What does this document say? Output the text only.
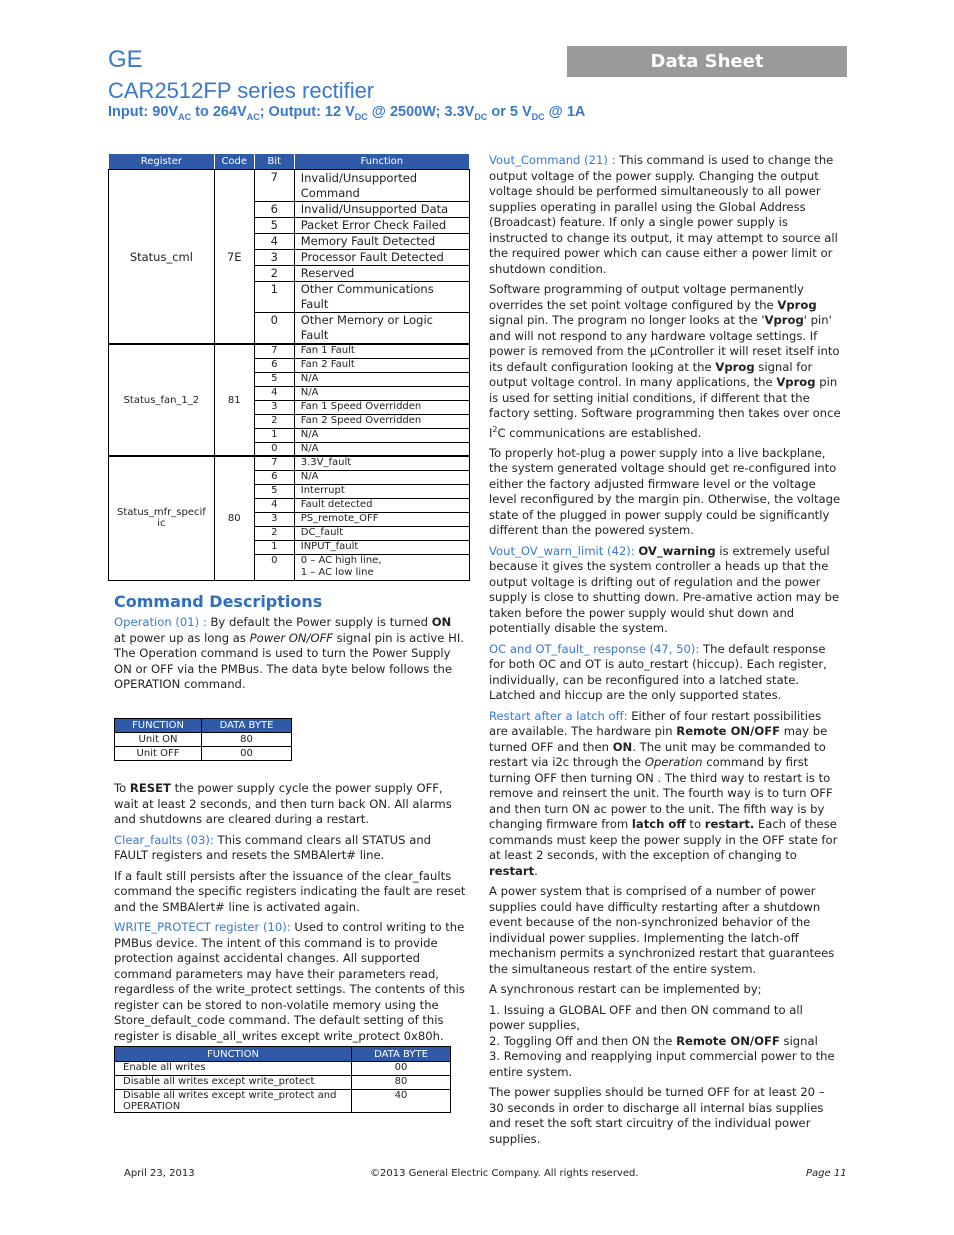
GE	Data Sheet
CAR2512FP series rectifier
Input: $90V_{AC}$ to $264V_{AC}$; Output: 12 $V_{DC}$ @ 2500W; $3.3V_{DC}$ or 5 $V_{DC}$ @ 1A
Register	Code	Bit	Function
Status_cml	7E	7	Invalid/Unsupported Command
		6	Invalid/Unsupported Data
		5	Packet Error Check Failed
		4	Memory Fault Detected
		3	Processor Fault Detected
		2	Reserved
		1	Other Communications Fault
		0	Other Memory or Logic Fault
Status_fan_1_2	81	7	Fan 1 Fault
		6	Fan 2 Fault
		5	N/A
		4	N/A
		3	Fan 1 Speed Overridden
		2	Fan 2 Speed Overridden
		1	N/A
		0	N/A
Status_mfr_specif ic	80	7	3.3V_fault
		6	N/A
		5	Interrupt
		4	Fault detected
		3	PS_remote_OFF
		2	DC_fault
		1	INPUT_fault
		0	0 – AC high line,
1 – AC low line
Command Descriptions

Operation (01) : By default the Power supply is turned ON at power up as long as Power ON/OFF signal pin is active HI. The Operation command is used to turn the Power Supply ON or OFF via the PMBus. The data byte below follows the OPERATION command.

FUNCTION	DATA BYTE
Unit ON	80
Unit OFF	00

To RESET the power supply cycle the power supply OFF, wait at least 2 seconds, and then turn back ON. All alarms and shutdowns are cleared during a restart.

Clear_faults (03): This command clears all STATUS and FAULT registers and resets the SMBAlert# line.

If a fault still persists after the issuance of the clear_faults command the specific registers indicating the fault are reset and the SMBAlert# line is activated again.

WRITE_PROTECT register (10): Used to control writing to the PMBus device. The intent of this command is to provide protection against accidental changes. All supported command parameters may have their parameters read, regardless of the write_protect settings. The contents of this register can be stored to non-volatile memory using the Store_default_code command. The default setting of this register is disable_all_writes except write_protect 0x80h.

FUNCTION	DATA BYTE
Enable all writes	00
Disable all writes except write_protect	80
Disable all writes except write_protect and OPERATION	40

Vout_Command (21) : This command is used to change the output voltage of the power supply. Changing the output voltage should be performed simultaneously to all power supplies operating in parallel using the Global Address (Broadcast) feature. If only a single power supply is instructed to change its output, it may attempt to source all the required power which can cause either a power limit or shutdown condition.

Software programming of output voltage permanently overrides the set point voltage configured by the Vprog signal pin. The program no longer looks at the 'Vprog' pin' and will not respond to any hardware voltage settings. If power is removed from the µController it will reset itself into its default configuration looking at the Vprog signal for output voltage control. In many applications, the Vprog pin is used for setting initial conditions, if different that the factory setting. Software programming then takes over once $I^2C$ communications are established.

To properly hot-plug a power supply into a live backplane, the system generated voltage should get re-configured into either the factory adjusted firmware level or the voltage level reconfigured by the margin pin. Otherwise, the voltage state of the plugged in power supply could be significantly different than the powered system.

Vout_OV_warn_limit (42): OV_warning is extremely useful because it gives the system controller a heads up that the output voltage is drifting out of regulation and the power supply is close to shutting down. Pre-amative action may be taken before the power supply would shut down and potentially disable the system.

OC and OT_fault_ response (47, 50): The default response for both OC and OT is auto_restart (hiccup). Each register, individually, can be reconfigured into a latched state. Latched and hiccup are the only supported states.

Restart after a latch off: Either of four restart possibilities are available. The hardware pin Remote ON/OFF may be turned OFF and then ON. The unit may be commanded to restart via i2c through the Operation command by first turning OFF then turning ON . The third way to restart is to remove and reinsert the unit. The fourth way is to turn OFF and then turn ON ac power to the unit. The fifth way is by changing firmware from latch off to restart. Each of these commands must keep the power supply in the OFF state for at least 2 seconds, with the exception of changing to restart.

A power system that is comprised of a number of power supplies could have difficulty restarting after a shutdown event because of the non-synchronized behavior of the individual power supplies. Implementing the latch-off mechanism permits a synchronized restart that guarantees the simultaneous restart of the entire system.

A synchronous restart can be implemented by;

1. Issuing a GLOBAL OFF and then ON command to all power supplies,
2. Toggling Off and then ON the Remote ON/OFF signal
3. Removing and reapplying input commercial power to the entire system.

The power supplies should be turned OFF for at least 20 – 30 seconds in order to discharge all internal bias supplies and reset the soft start circuitry of the individual power supplies.

April 23, 2013	©2013 General Electric Company. All rights reserved.	Page 11
